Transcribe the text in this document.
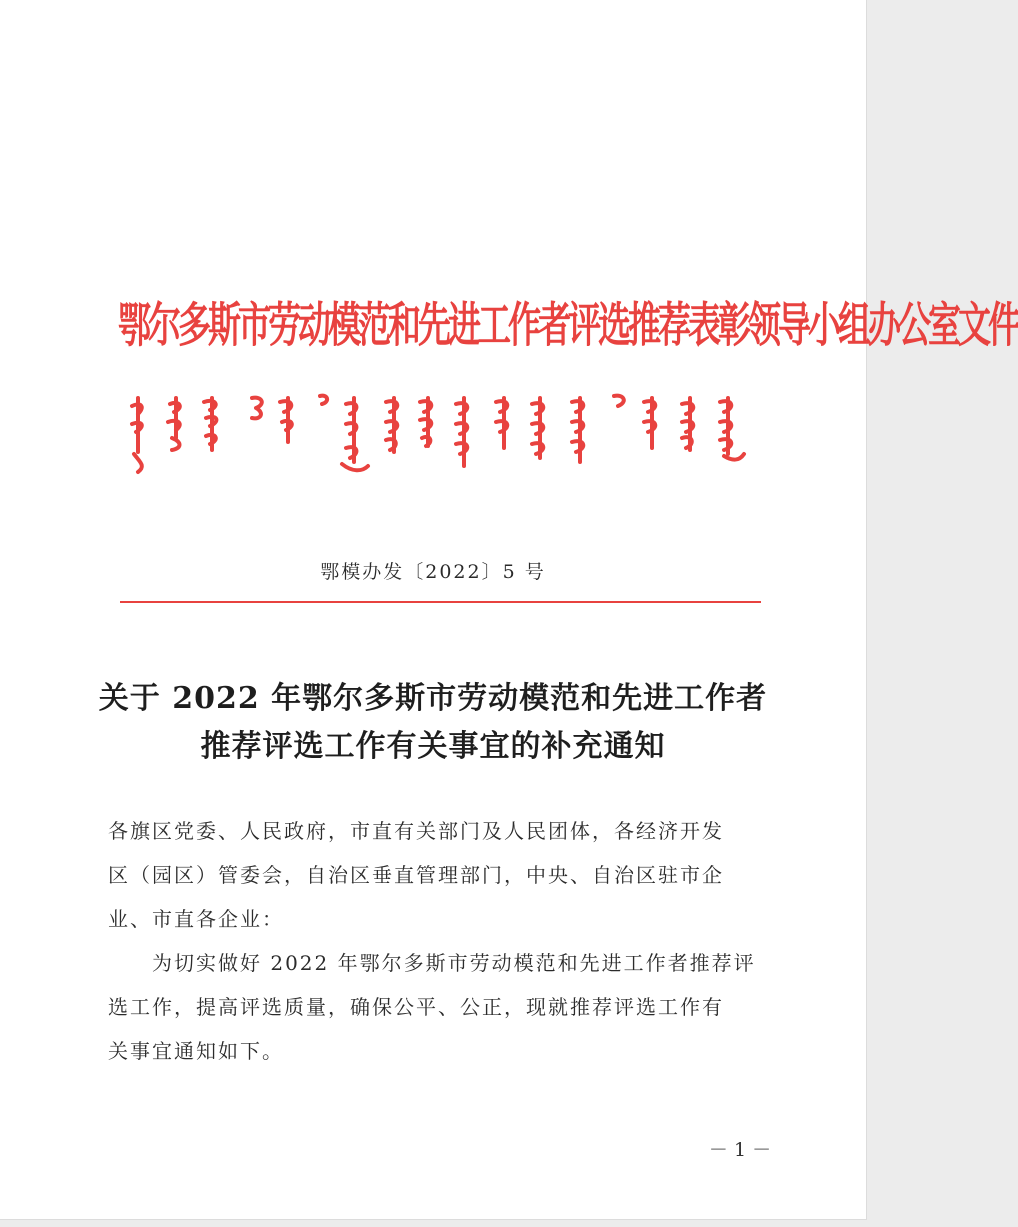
鄂尔多斯市劳动模范和先进工作者评选推荐表彰领导小组办公室文件
鄂模办发〔2022〕5 号
关于 2022 年鄂尔多斯市劳动模范和先进工作者
推荐评选工作有关事宜的补充通知
各旗区党委、人民政府，市直有关部门及人民团体，各经济开发
区（园区）管委会，自治区垂直管理部门，中央、自治区驻市企
业、市直各企业：
　　为切实做好 2022 年鄂尔多斯市劳动模范和先进工作者推荐评
选工作，提高评选质量，确保公平、公正，现就推荐评选工作有
关事宜通知如下。
－ 1 －
